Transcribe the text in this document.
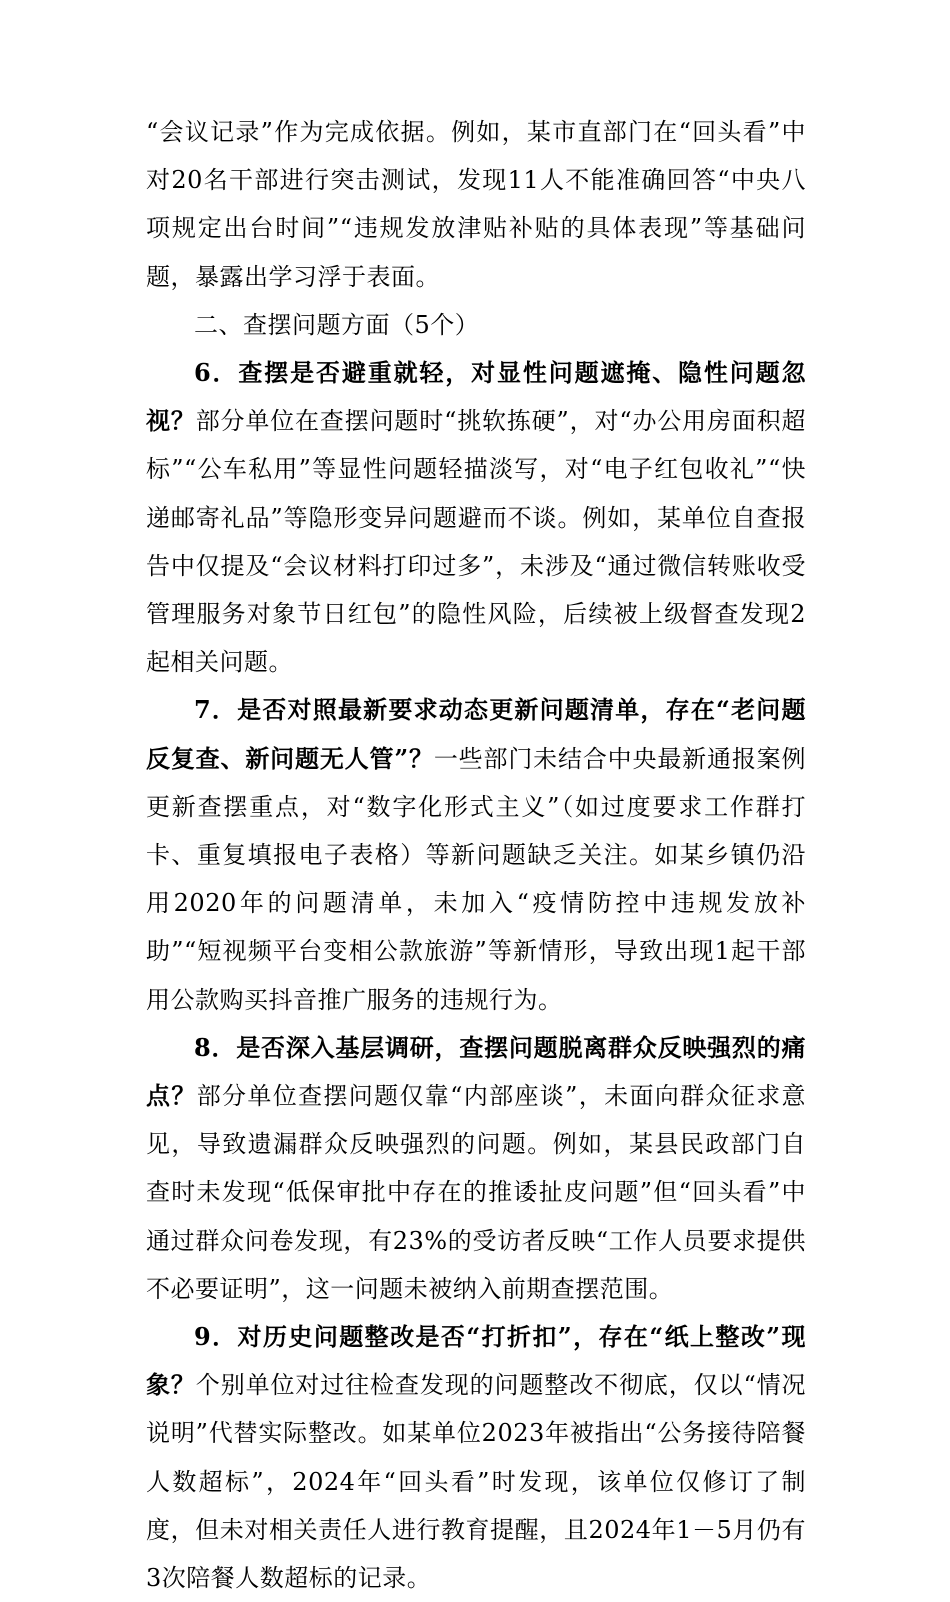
“会议记录”作为完成依据。例如，某市直部门在“回头看”中对20名干部进行突击测试，发现11人不能准确回答“中央八项规定出台时间”“违规发放津贴补贴的具体表现”等基础问题，暴露出学习浮于表面。

二、查摆问题方面（5个）

6．查摆是否避重就轻，对显性问题遮掩、隐性问题忽视？部分单位在查摆问题时“挑软拣硬”，对“办公用房面积超标”“公车私用”等显性问题轻描淡写，对“电子红包收礼”“快递邮寄礼品”等隐形变异问题避而不谈。例如，某单位自查报告中仅提及“会议材料打印过多”，未涉及“通过微信转账收受管理服务对象节日红包”的隐性风险，后续被上级督查发现2起相关问题。

7．是否对照最新要求动态更新问题清单，存在“老问题反复查、新问题无人管”？一些部门未结合中央最新通报案例更新查摆重点，对“数字化形式主义”（如过度要求工作群打卡、重复填报电子表格）等新问题缺乏关注。如某乡镇仍沿用2020年的问题清单，未加入“疫情防控中违规发放补助”“短视频平台变相公款旅游”等新情形，导致出现1起干部用公款购买抖音推广服务的违规行为。

8．是否深入基层调研，查摆问题脱离群众反映强烈的痛点？部分单位查摆问题仅靠“内部座谈”，未面向群众征求意见，导致遗漏群众反映强烈的问题。例如，某县民政部门自查时未发现“低保审批中存在的推诿扯皮问题”但“回头看”中通过群众问卷发现，有23%的受访者反映“工作人员要求提供不必要证明”，这一问题未被纳入前期查摆范围。

9．对历史问题整改是否“打折扣”，存在“纸上整改”现象？个别单位对过往检查发现的问题整改不彻底，仅以“情况说明”代替实际整改。如某单位2023年被指出“公务接待陪餐人数超标”，2024年“回头看”时发现，该单位仅修订了制度，但未对相关责任人进行教育提醒，且2024年1－5月仍有3次陪餐人数超标的记录。
